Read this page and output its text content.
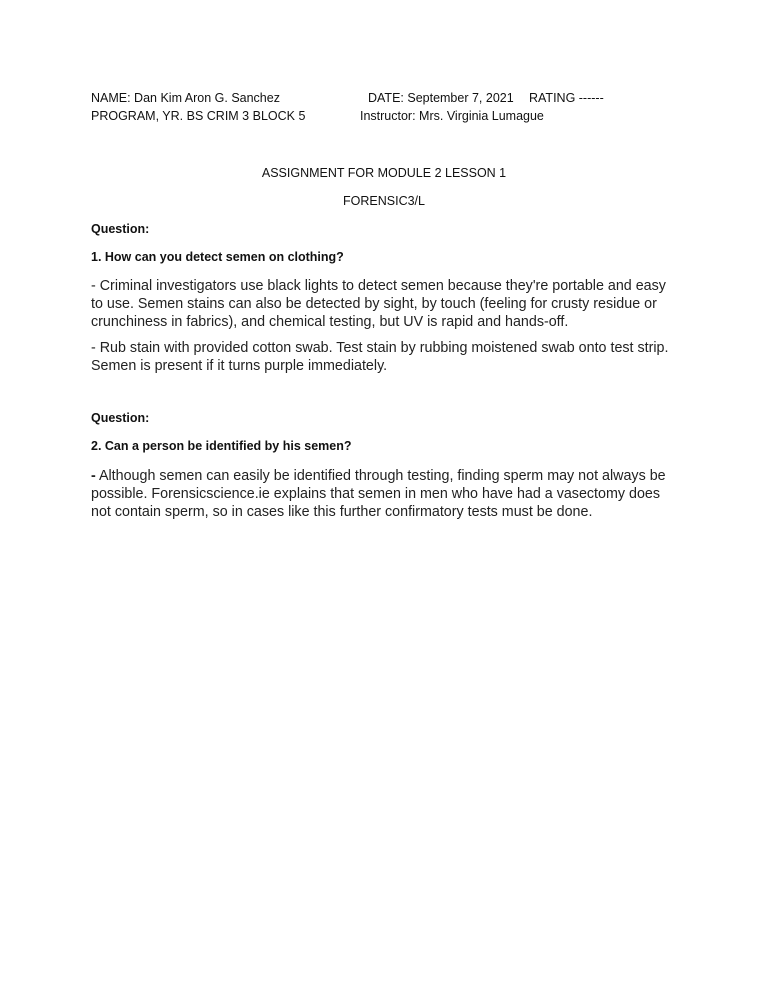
NAME: Dan Kim Aron G. Sanchez	DATE: September 7, 2021 RATING ------
PROGRAM, YR. BS CRIM 3 BLOCK 5	Instructor: Mrs. Virginia Lumague
ASSIGNMENT FOR MODULE 2 LESSON 1
FORENSIC3/L
Question:
1. How can you detect semen on clothing?

- Criminal investigators use black lights to detect semen because they're portable and easy to use. Semen stains can also be detected by sight, by touch (feeling for crusty residue or crunchiness in fabrics), and chemical testing, but UV is rapid and hands-off.

- Rub stain with provided cotton swab. Test stain by rubbing moistened swab onto test strip. Semen is present if it turns purple immediately.

Question:
2. Can a person be identified by his semen?

- Although semen can easily be identified through testing, finding sperm may not always be possible. Forensicscience.ie explains that semen in men who have had a vasectomy does not contain sperm, so in cases like this further confirmatory tests must be done.
